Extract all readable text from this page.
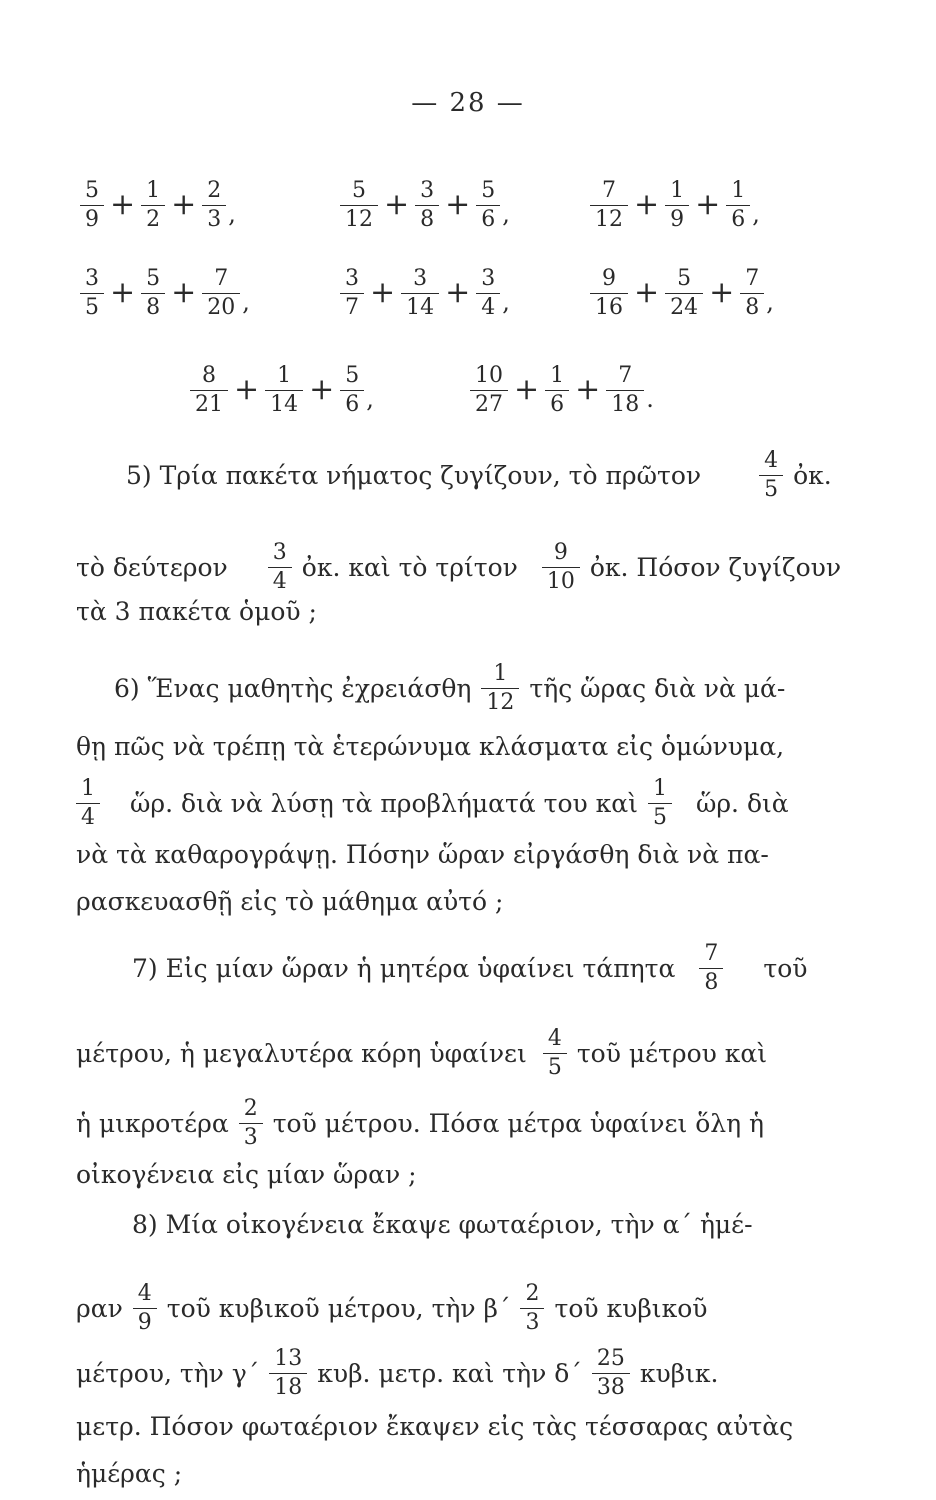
— 28 —
$\frac{5}{9} + \frac{1}{2} + \frac{2}{3}$ ,	$\frac{5}{12} + \frac{3}{8} + \frac{5}{6}$ ,	$\frac{7}{12} + \frac{1}{9} + \frac{1}{6}$ ,
$\frac{3}{5} + \frac{5}{8} + \frac{7}{20}$ ,	$\frac{3}{7} + \frac{3}{14} + \frac{3}{4}$ ,	$\frac{9}{16} + \frac{5}{24} + \frac{7}{8}$ ,
$\frac{8}{21} + \frac{1}{14} + \frac{5}{6}$ ,	$\frac{10}{27} + \frac{1}{6} + \frac{7}{18}$ .
5) Τρία πακέτα νήματος ζυγίζουν, τὸ πρῶτον	$\frac{4}{5}$ ὀκ.
τὸ δεύτερον $\frac{3}{4}$ ὀκ. καὶ τὸ τρίτον $\frac{9}{10}$ ὀκ. Πόσον ζυγίζουν
τὰ 3 πακέτα ὁμοῦ ;
6) Ἕνας μαθητὴς ἐχρειάσθη $\frac{1}{12}$ τῆς ὥρας διὰ νὰ μά-
θῃ πῶς νὰ τρέπῃ τὰ ἑτερώνυμα κλάσματα εἰς ὁμώνυμα,
$\frac{1}{4}$ ὥρ. διὰ νὰ λύσῃ τὰ προβλήματά του καὶ $\frac{1}{5}$ ὥρ. διὰ
νὰ τὰ καθαρογράψῃ. Πόσην ὥραν εἰργάσθη διὰ νὰ πα-
ρασκευασθῇ εἰς τὸ μάθημα αὐτό ;
7) Εἰς μίαν ὥραν ἡ μητέρα ὑφαίνει τάπητα $\frac{7}{8}$ τοῦ
μέτρου, ἡ μεγαλυτέρα κόρη ὑφαίνει $\frac{4}{5}$ τοῦ μέτρου καὶ
ἡ μικροτέρα $\frac{2}{3}$ τοῦ μέτρου. Πόσα μέτρα ὑφαίνει ὅλη ἡ
οἰκογένεια εἰς μίαν ὥραν ;
8) Μία οἰκογένεια ἔκαψε φωταέριον, τὴν α΄ ἡμέ-
ραν $\frac{4}{9}$ τοῦ κυβικοῦ μέτρου, τὴν $\beta΄ \frac{2}{3}$ τοῦ κυβικοῦ
μέτρου, τὴν $\gamma΄ \frac{13}{18} \kappa\upsilon\beta$. μετρ. καὶ τὴν $\delta΄ \frac{25}{38} \kappa\upsilon\beta\iota\kappa$.
μετρ. Πόσον φωταέριον ἔκαψεν εἰς τὰς τέσσαρας αὐτὰς
ἡμέρας ;
